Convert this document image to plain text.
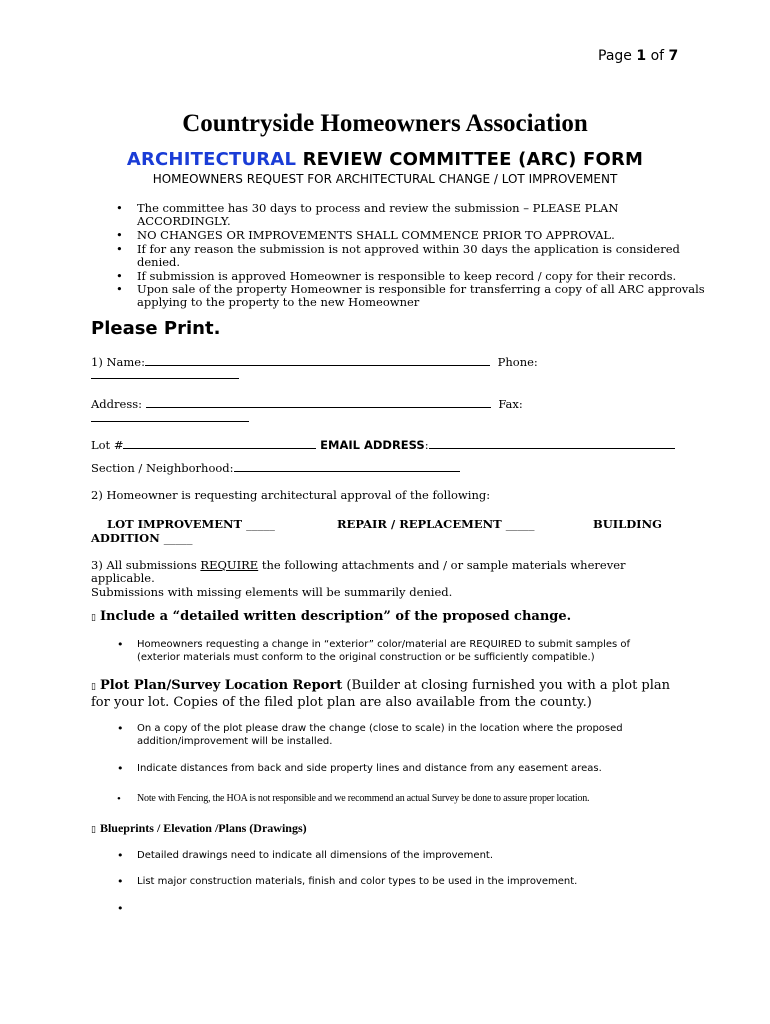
Page 1 of 7
Countryside Homeowners Association
ARCHITECTURAL REVIEW COMMITTEE (ARC) FORM
HOMEOWNERS REQUEST FOR ARCHITECTURAL CHANGE / LOT IMPROVEMENT
• The committee has 30 days to process and review the submission – PLEASE PLAN ACCORDINGLY.
• NO CHANGES OR IMPROVEMENTS SHALL COMMENCE PRIOR TO APPROVAL.
• If for any reason the submission is not approved within 30 days the application is considered denied.
• If submission is approved Homeowner is responsible to keep record / copy for their records.
• Upon sale of the property Homeowner is responsible for transferring a copy of all ARC approvals applying to the property to the new Homeowner
Please Print.
1) Name:	Phone:
Address:	Fax:
Lot #	EMAIL ADDRESS:
Section / Neighborhood:
2) Homeowner is requesting architectural approval of the following:
LOT IMPROVEMENT _____	REPAIR / REPLACEMENT _____	BUILDING
ADDITION _____
3) All submissions REQUIRE the following attachments and / or sample materials wherever applicable.
Submissions with missing elements will be summarily denied.
▯ Include a “detailed written description” of the proposed change.
• Homeowners requesting a change in “exterior” color/material are REQUIRED to submit samples of (exterior materials must conform to the original construction or be sufficiently compatible.)
▯ Plot Plan/Survey Location Report (Builder at closing furnished you with a plot plan for your lot. Copies of the filed plot plan are also available from the county.)
• On a copy of the plot please draw the change (close to scale) in the location where the proposed addition/improvement will be installed.
• Indicate distances from back and side property lines and distance from any easement areas.
• Note with Fencing, the HOA is not responsible and we recommend an actual Survey be done to assure proper location.
▯ Blueprints / Elevation /Plans (Drawings)
• Detailed drawings need to indicate all dimensions of the improvement.
• List major construction materials, finish and color types to be used in the improvement.
•
